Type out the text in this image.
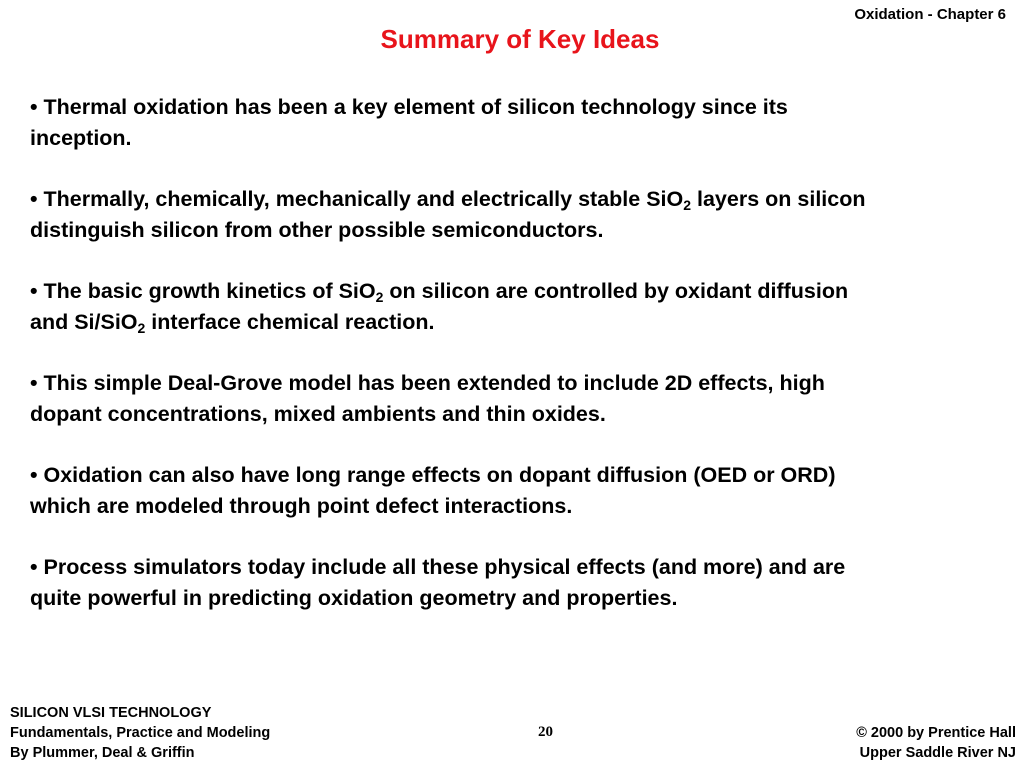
Oxidation - Chapter 6
Summary of Key Ideas
• Thermal oxidation has been a key element of silicon technology since its
inception.
• Thermally, chemically, mechanically and electrically stable SiO$_2$ layers on silicon
distinguish silicon from other possible semiconductors.
• The basic growth kinetics of SiO$_2$ on silicon are controlled by oxidant diffusion
and Si/SiO$_2$ interface chemical reaction.
• This simple Deal-Grove model has been extended to include 2D effects, high
dopant concentrations, mixed ambients and thin oxides.
• Oxidation can also have long range effects on dopant diffusion (OED or ORD)
which are modeled through point defect interactions.
• Process simulators today include all these physical effects (and more) and are
quite powerful in predicting oxidation geometry and properties.
SILICON VLSI TECHNOLOGY
Fundamentals, Practice and Modeling
By Plummer, Deal & Griffin
20	© 2000 by Prentice Hall
Upper Saddle River NJ
